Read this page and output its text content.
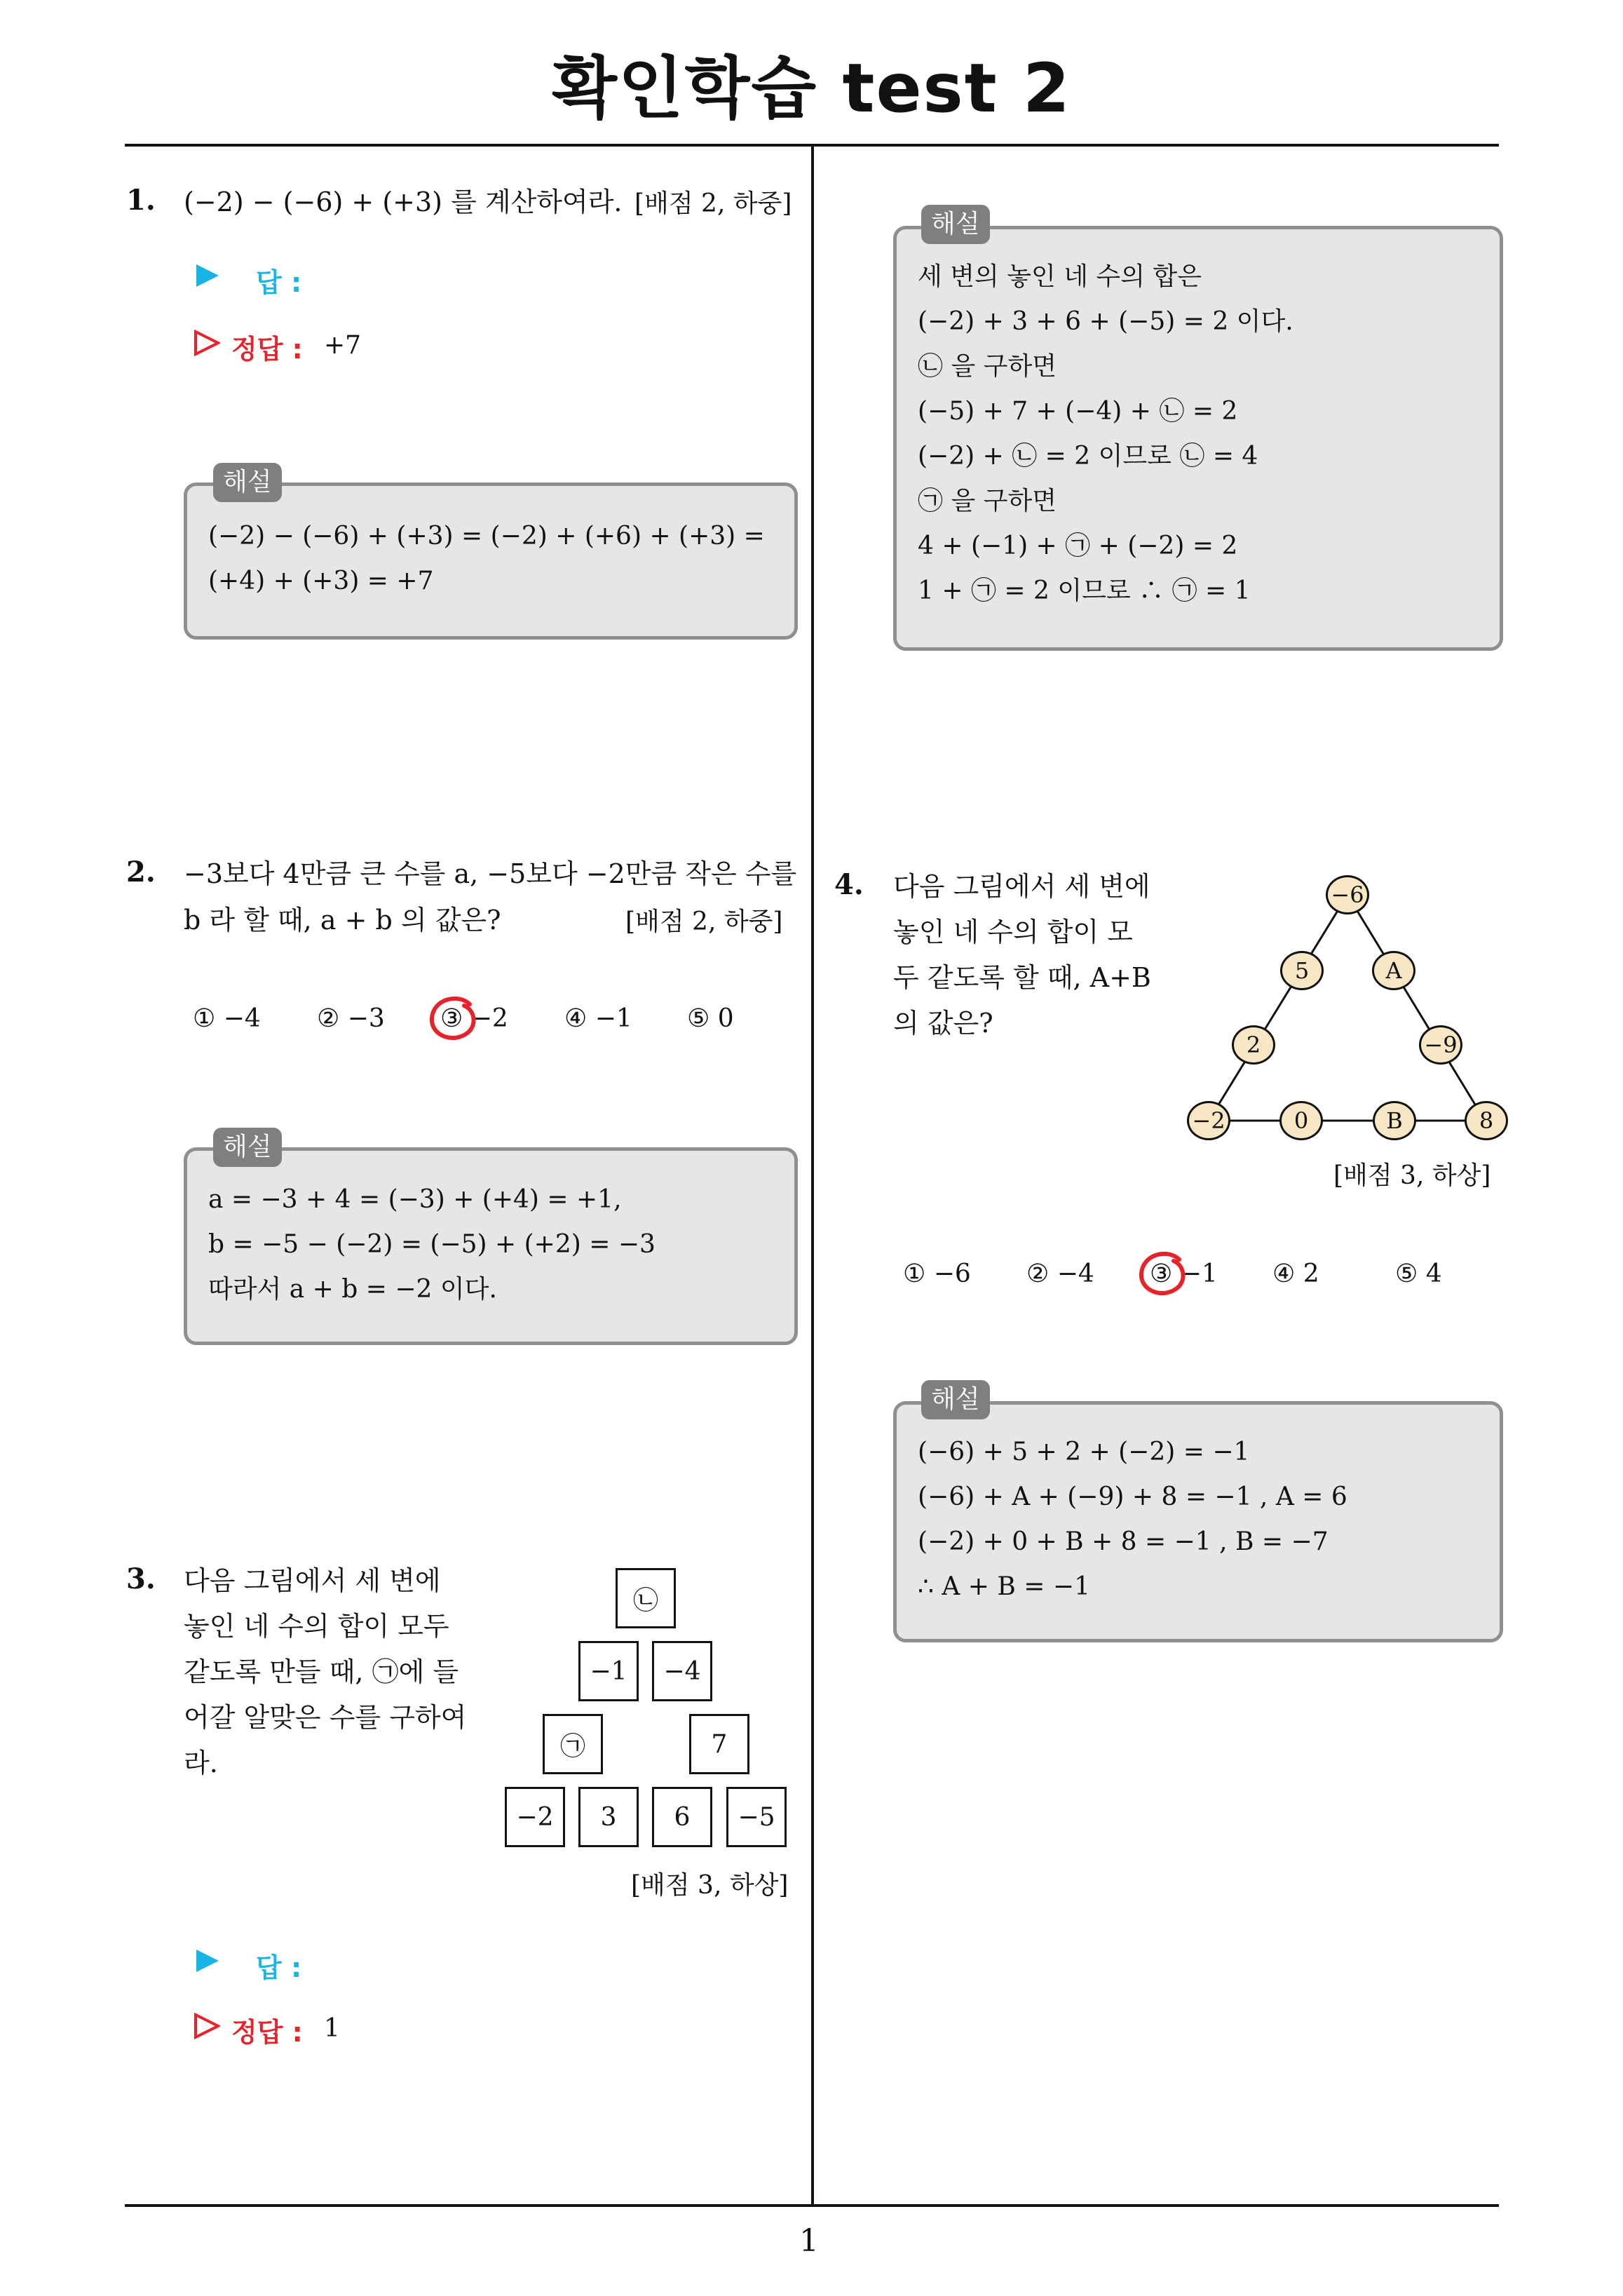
확인학습 test 2
1
1. (−2) − (−6) + (+3) 를 계산하여라. [배점 2, 하중]
답 :
정답 : +7
(−2) − (−6) + (+3) = (−2) + (+6) + (+3) =
(+4) + (+3) = +7
해설
2. −3보다 4만큼 큰 수를 a, −5보다 −2만큼 작은 수를
b 라 할 때, a + b 의 값은?	[배점 2, 하중]
① −4 ② −3 ③ −2 ④ −1 ⑤ 0
a = −3 + 4 = (−3) + (+4) = +1,
b = −5 − (−2) = (−5) + (+2) = −3
따라서 a + b = −2 이다.
해설
3. 다음 그림에서 세 변에
놓인 네 수의 합이 모두
같도록 만들 때, ㉠에 들
어갈 알맞은 수를 구하여
라.
㉡
−1	−4
㉠	7
−2	3	6	−5
[배점 3, 하상]
답 :
정답 : 1
세 변의 놓인 네 수의 합은
(−2) + 3 + 6 + (−5) = 2 이다.
㉡ 을 구하면
(−5) + 7 + (−4) + ㉡ = 2
(−2) + ㉡ = 2 이므로 ㉡ = 4
㉠ 을 구하면
4 + (−1) + ㉠ + (−2) = 2
1 + ㉠ = 2 이므로 ∴ ㉠ = 1
해설
4. 다음 그림에서 세 변에
놓인 네 수의 합이 모
두 같도록 할 때, A+B
의 값은?
−6
5	A
2	−9
−2	0	B	8
[배점 3, 하상]
① −6 ② −4 ③ −1 ④ 2	⑤ 4
(−6) + 5 + 2 + (−2) = −1
(−6) + A + (−9) + 8 = −1 , A = 6
(−2) + 0 + B + 8 = −1 , B = −7
∴ A + B = −1
해설
